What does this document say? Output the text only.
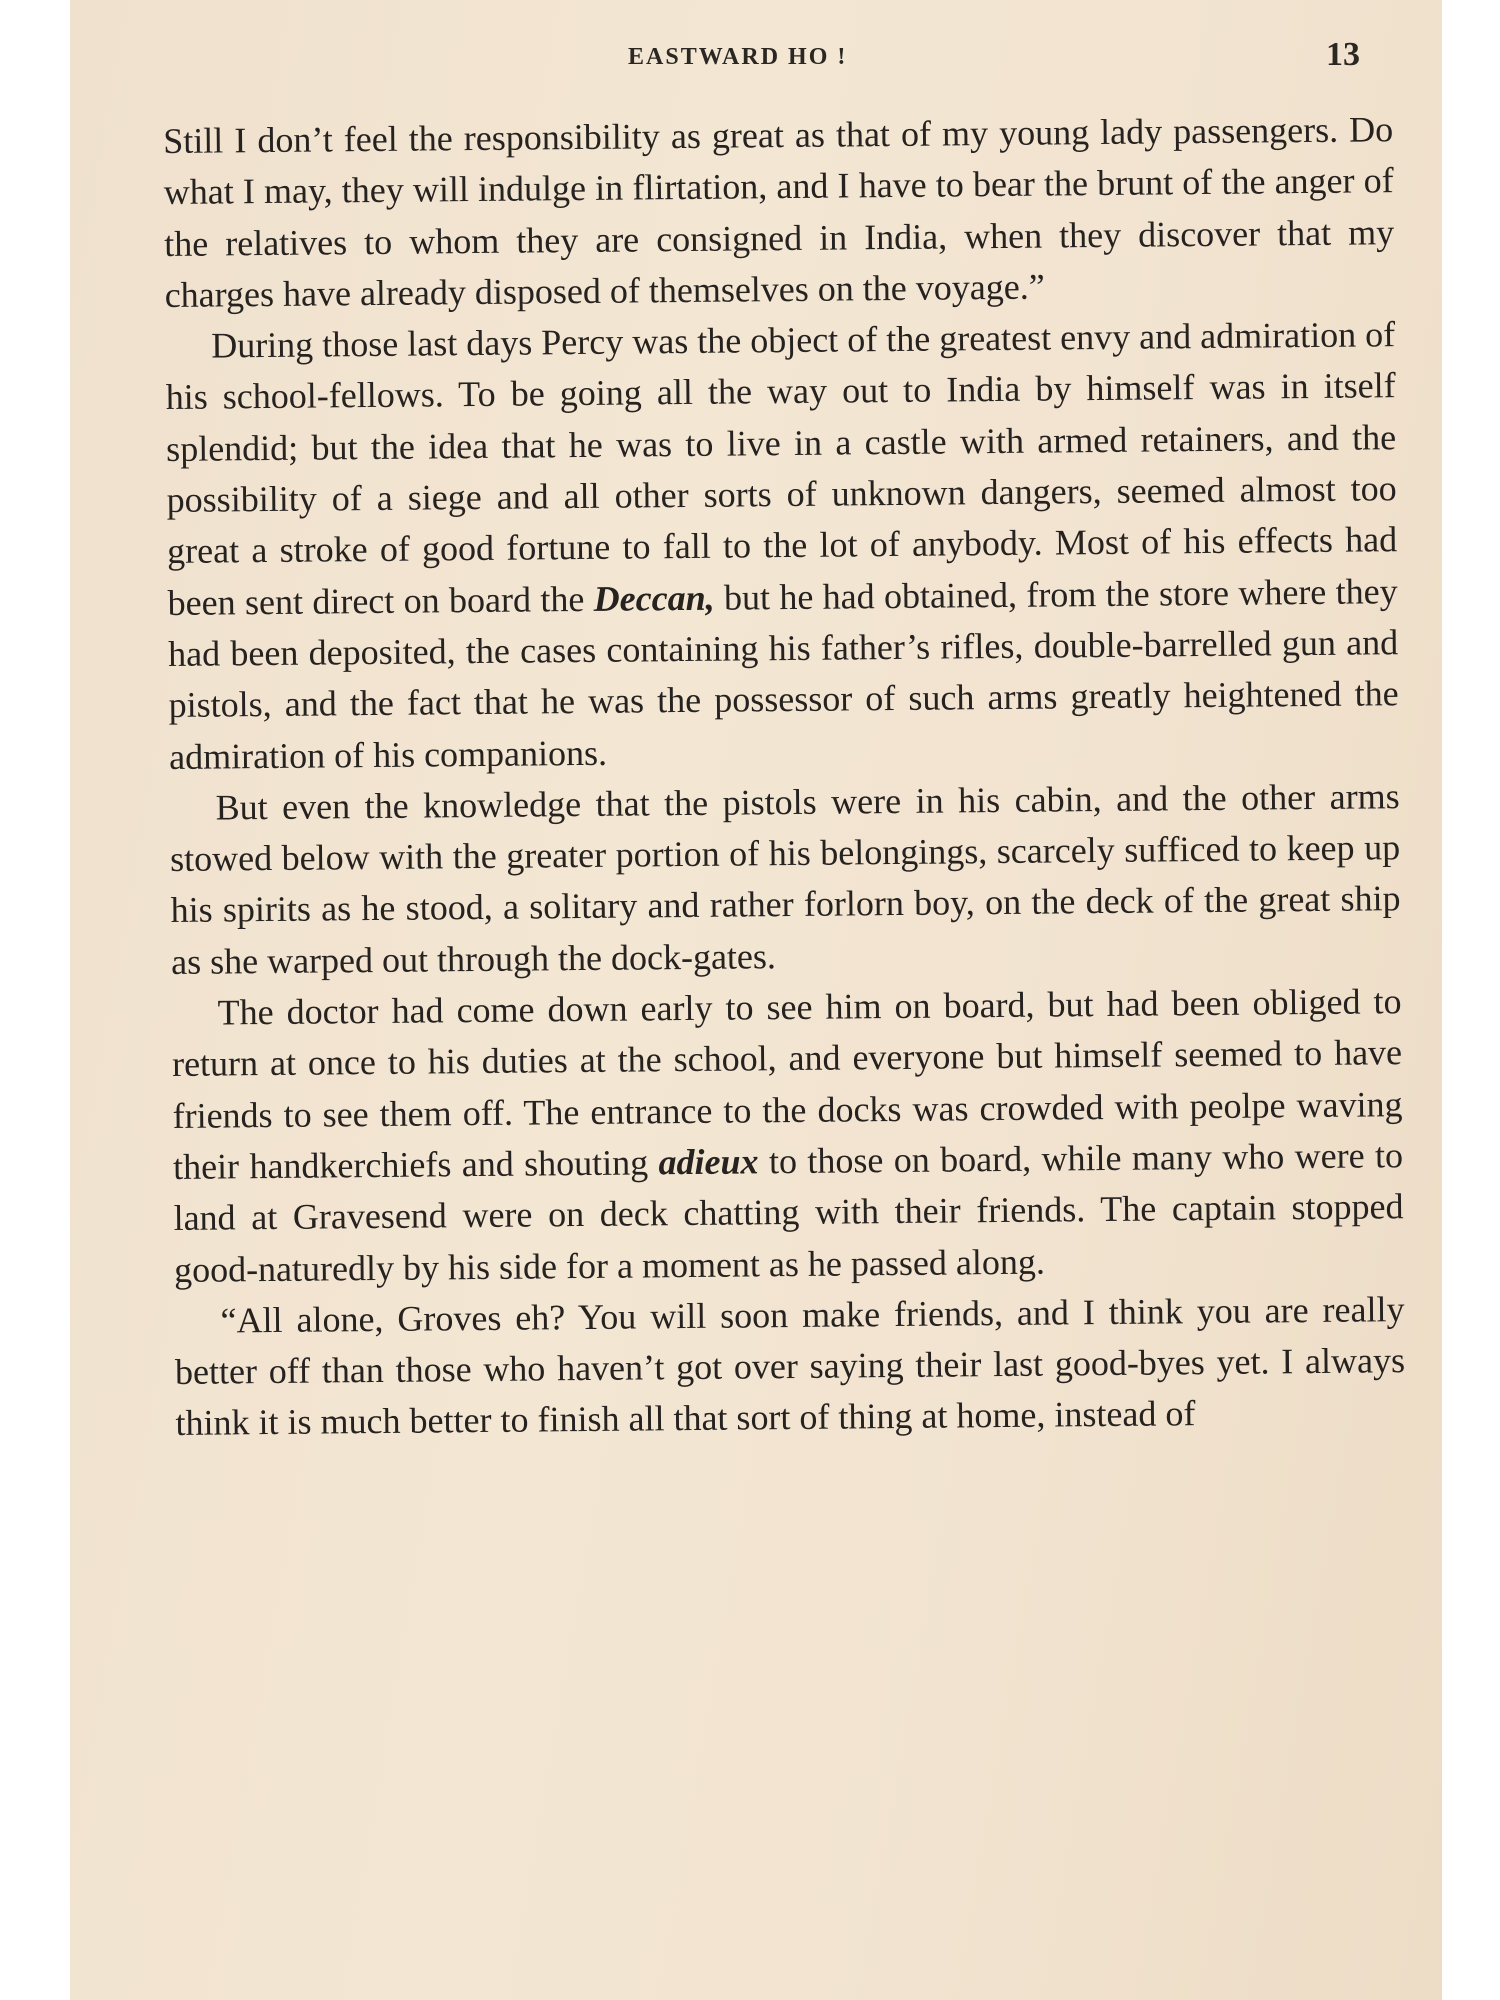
EASTWARD HO !	13

Still I don’t feel the responsibility as great as that of my young lady passengers. Do what I may, they will indulge in flirtation, and I have to bear the brunt of the anger of the relatives to whom they are consigned in India, when they discover that my charges have already disposed of themselves on the voyage.”

During those last days Percy was the object of the greatest envy and admiration of his school-fellows. To be going all the way out to India by himself was in itself splendid; but the idea that he was to live in a castle with armed retainers, and the possibility of a siege and all other sorts of unknown dangers, seemed almost too great a stroke of good fortune to fall to the lot of anybody. Most of his effects had been sent direct on board the Deccan, but he had obtained, from the store where they had been deposited, the cases containing his father’s rifles, double-barrelled gun and pistols, and the fact that he was the possessor of such arms greatly heightened the admiration of his companions.

But even the knowledge that the pistols were in his cabin, and the other arms stowed below with the greater portion of his belongings, scarcely sufficed to keep up his spirits as he stood, a solitary and rather forlorn boy, on the deck of the great ship as she warped out through the dock-gates.

The doctor had come down early to see him on board, but had been obliged to return at once to his duties at the school, and everyone but himself seemed to have friends to see them off. The entrance to the docks was crowded with peolpe waving their handkerchiefs and shouting adieux to those on board, while many who were to land at Gravesend were on deck chatting with their friends. The captain stopped good-naturedly by his side for a moment as he passed along.

“All alone, Groves eh? You will soon make friends, and I think you are really better off than those who haven’t got over saying their last good-byes yet. I always think it is much better to finish all that sort of thing at home, instead of
